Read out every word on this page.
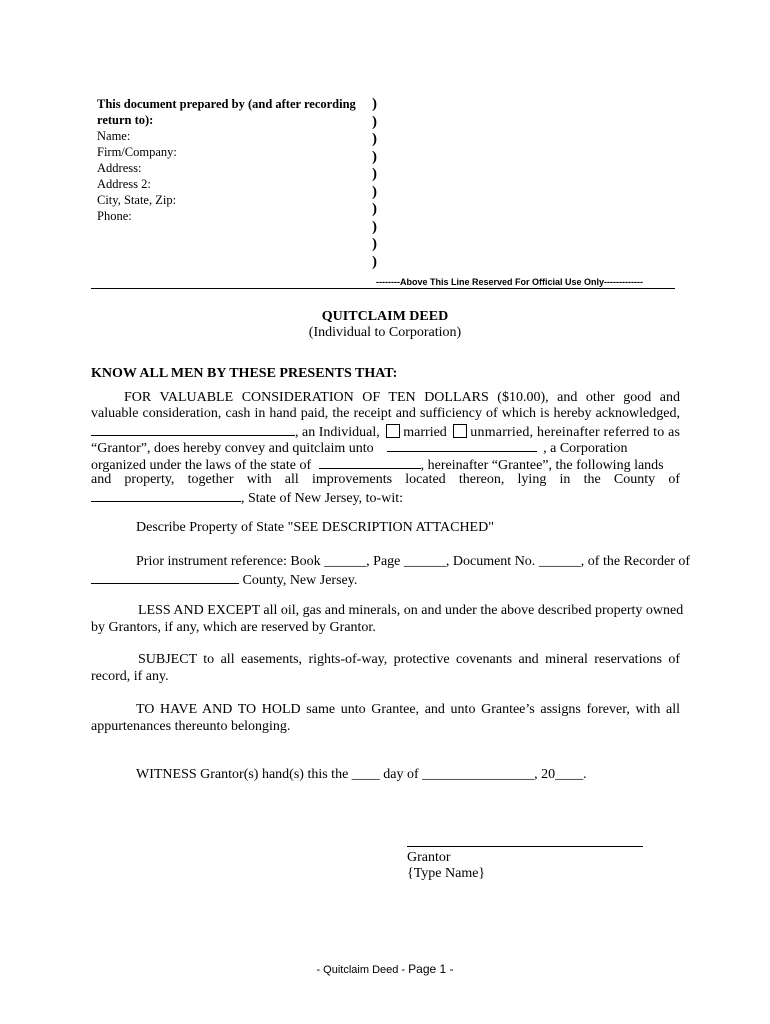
This document prepared by (and after recording
return to):
Name:
Firm/Company:
Address:
Address 2:
City, State, Zip:
Phone:
)
)
)
)
)
)
)
)
)
)
--------Above This Line Reserved For Official Use Only-------------
QUITCLAIM DEED
(Individual to Corporation)
KNOW ALL MEN BY THESE PRESENTS THAT:
FOR VALUABLE CONSIDERATION OF TEN DOLLARS ($10.00), and other good and
valuable consideration, cash in hand paid, the receipt and sufficiency of which is hereby acknowledged,
, an Individual, married unmarried, hereinafter referred to as
“Grantor”, does hereby convey and quitclaim unto	, a Corporation
organized under the laws of the state of	, hereinafter “Grantee”, the following lands
and property, together with all improvements located thereon, lying in the County of
, State of New Jersey, to-wit:
Describe Property of State "SEE DESCRIPTION ATTACHED"
Prior instrument reference: Book ______, Page ______, Document No. ______, of the Recorder of
County, New Jersey.
LESS AND EXCEPT all oil, gas and minerals, on and under the above described property owned
by Grantors, if any, which are reserved by Grantor.
SUBJECT to all easements, rights-of-way, protective covenants and mineral reservations of
record, if any.
TO HAVE AND TO HOLD same unto Grantee, and unto Grantee’s assigns forever, with all
appurtenances thereunto belonging.
WITNESS Grantor(s) hand(s) this the ____ day of ________________, 20____.
Grantor
{Type Name}
- Quitclaim Deed - Page 1 -
